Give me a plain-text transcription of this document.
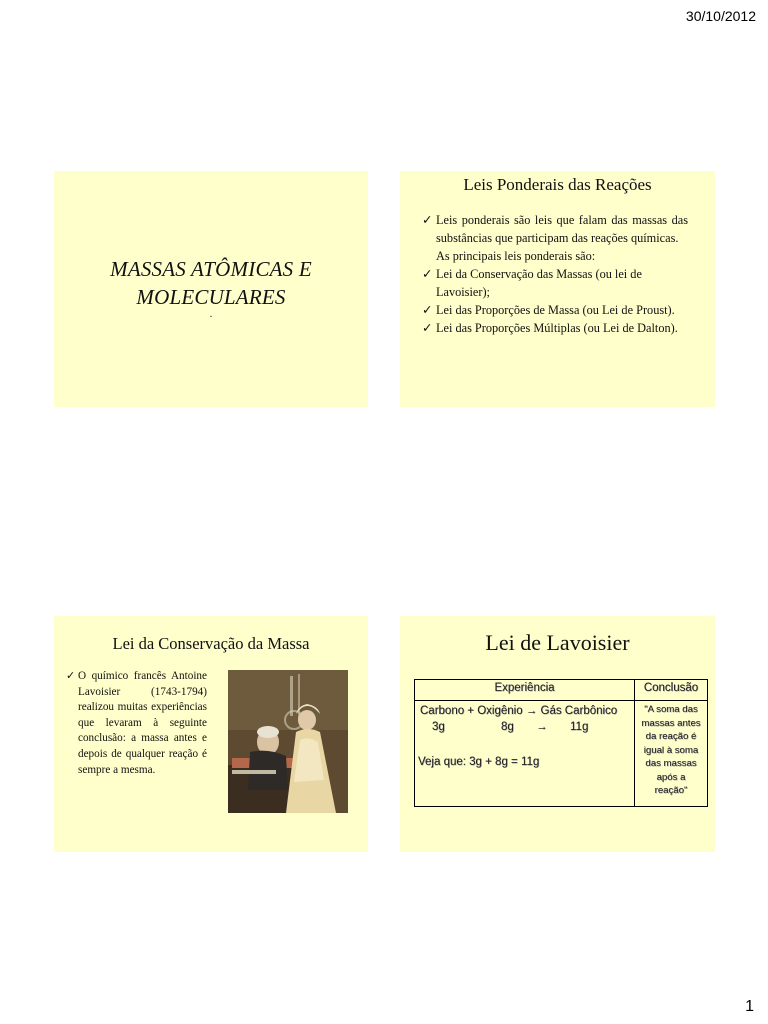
30/10/2012
MASSAS ATÔMICAS E
MOLECULARES
.
Leis Ponderais das Reações
✓ Leis ponderais são leis que falam das massas das substâncias que participam das reações químicas.
As principais leis ponderais são:
✓ Lei da Conservação das Massas (ou lei de Lavoisier);
✓ Lei das Proporções de Massa (ou Lei de Proust).
✓ Lei das Proporções Múltiplas (ou Lei de Dalton).
Lei da Conservação da Massa
✓ O químico francês Antoine Lavoisier (1743-1794) realizou muitas experiências que levaram à seguinte conclusão: a massa antes e depois de qualquer reação é sempre a mesma.
Lei de Lavoisier
Experiência	Conclusão
Carbono + Oxigênio → Gás Carbônico
3g	8g → 11g
Veja que: 3g + 8g = 11g
"A soma das
massas antes
da reação é
igual à soma
das massas
após a
reação"
1
